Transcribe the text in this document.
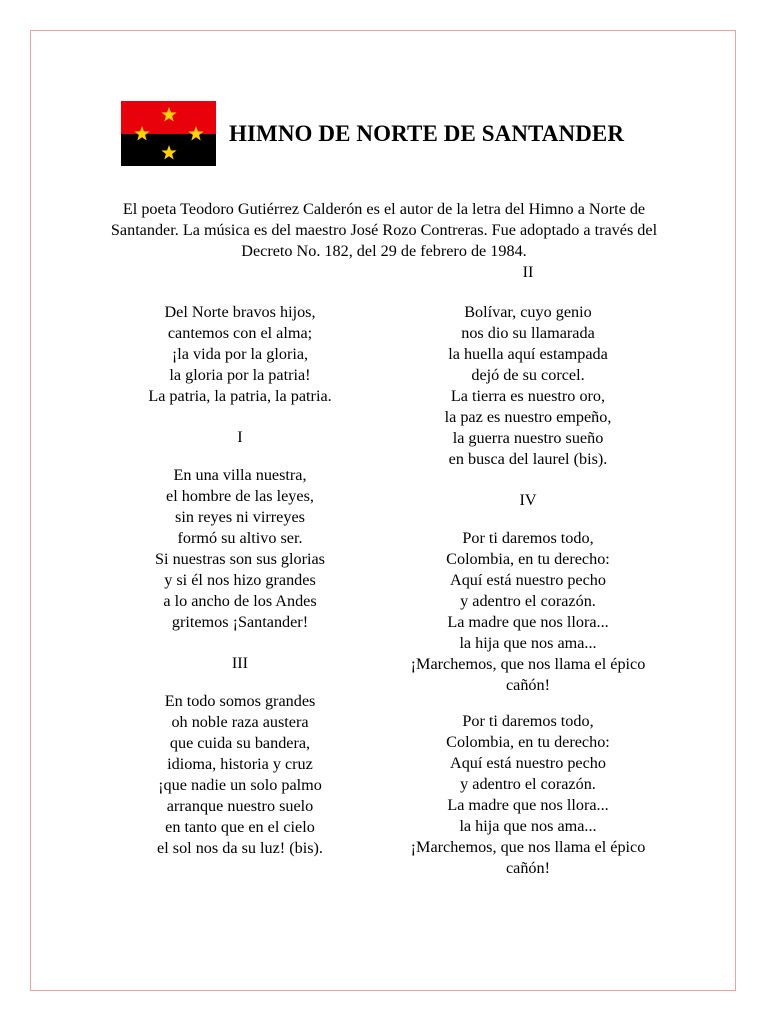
HIMNO DE NORTE DE SANTANDER

El poeta Teodoro Gutiérrez Calderón es el autor de la letra del Himno a Norte de Santander. La música es del maestro José Rozo Contreras. Fue adoptado a través del Decreto No. 182, del 29 de febrero de 1984.

Del Norte bravos hijos,
cantemos con el alma;
¡la vida por la gloria,
la gloria por la patria!
La patria, la patria, la patria.
I
En una villa nuestra,
el hombre de las leyes,
sin reyes ni virreyes
formó su altivo ser.
Si nuestras son sus glorias
y si él nos hizo grandes
a lo ancho de los Andes
gritemos ¡Santander!
III
En todo somos grandes
oh noble raza austera
que cuida su bandera,
idioma, historia y cruz
¡que nadie un solo palmo
arranque nuestro suelo
en tanto que en el cielo
el sol nos da su luz! (bis).
II
Bolívar, cuyo genio
nos dio su llamarada
la huella aquí estampada
dejó de su corcel.
La tierra es nuestro oro,
la paz es nuestro empeño,
la guerra nuestro sueño
en busca del laurel (bis).
IV
Por ti daremos todo,
Colombia, en tu derecho:
Aquí está nuestro pecho
y adentro el corazón.
La madre que nos llora...
la hija que nos ama...
¡Marchemos, que nos llama el épico
cañón!
Por ti daremos todo,
Colombia, en tu derecho:
Aquí está nuestro pecho
y adentro el corazón.
La madre que nos llora...
la hija que nos ama...
¡Marchemos, que nos llama el épico
cañón!
